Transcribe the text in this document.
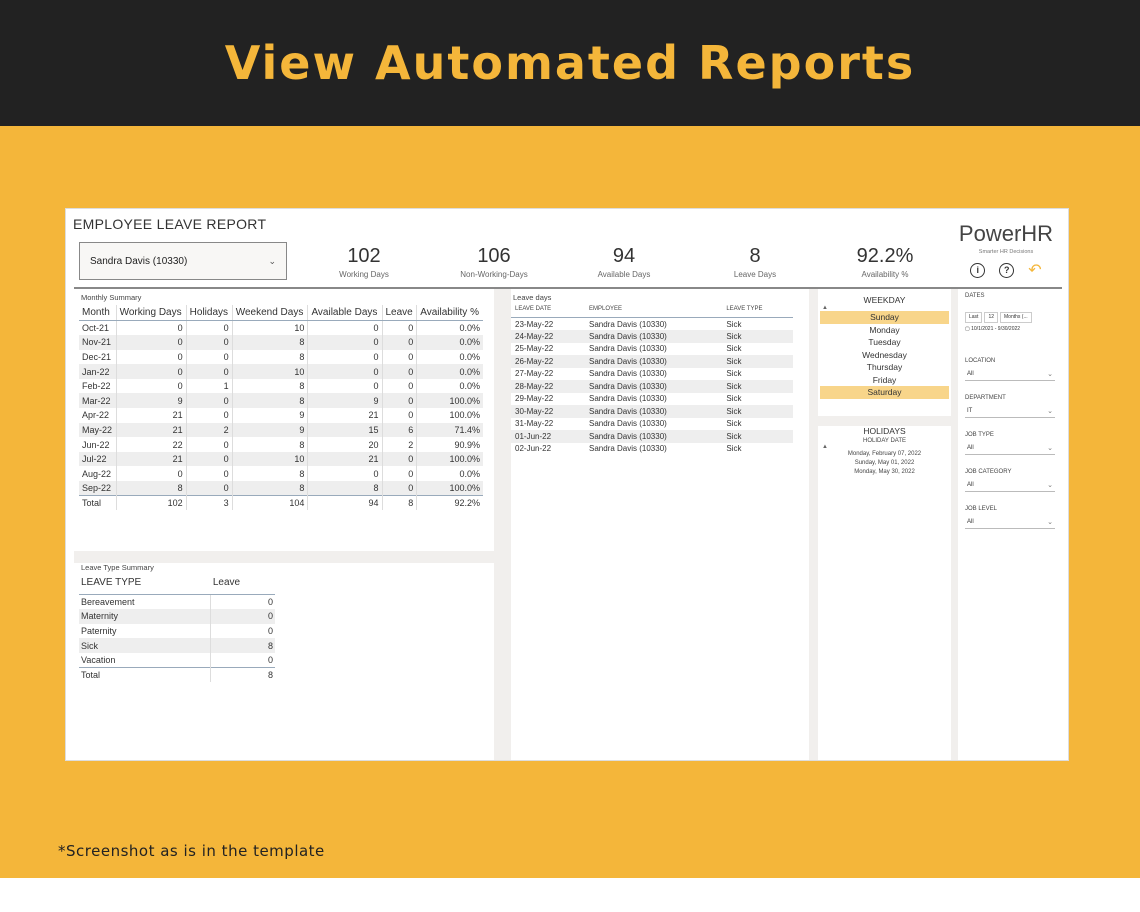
View Automated Reports
EMPLOYEE LEAVE REPORT
Sandra Davis (10330)	⌄	102
Working Days
106
Non-Working-Days
94
Available Days
8
Leave Days
92.2%
Availability %
PowerHR
Smarter HR Decisions
i	? ↶
Monthly Summary
Month	Working Days	Holidays	Weekend Days	Available Days	Leave	Availability %
Oct-21	0	0	10	0	0	0.0%
Nov-21	0	0	8	0	0	0.0%
Dec-21	0	0	8	0	0	0.0%
Jan-22	0	0	10	0	0	0.0%
Feb-22	0	1	8	0	0	0.0%
Mar-22	9	0	8	9	0	100.0%
Apr-22	21	0	9	21	0	100.0%
May-22	21	2	9	15	6	71.4%
Jun-22	22	0	8	20	2	90.9%
Jul-22	21	0	10	21	0	100.0%
Aug-22	0	0	8	0	0	0.0%
Sep-22	8	0	8	8	0	100.0%
Total	102	3	104	94	8	92.2%
Leave Type Summary
LEAVE TYPE	Leave
Bereavement	0
Maternity	0
Paternity	0
Sick	8
Vacation	0
Total	8
Leave days
LEAVE DATE	EMPLOYEE	LEAVE TYPE
23-May-22	Sandra Davis (10330)	Sick
24-May-22	Sandra Davis (10330)	Sick
25-May-22	Sandra Davis (10330)	Sick
26-May-22	Sandra Davis (10330)	Sick
27-May-22	Sandra Davis (10330)	Sick
28-May-22	Sandra Davis (10330)	Sick
29-May-22	Sandra Davis (10330)	Sick
30-May-22	Sandra Davis (10330)	Sick
31-May-22	Sandra Davis (10330)	Sick
01-Jun-22	Sandra Davis (10330)	Sick
02-Jun-22	Sandra Davis (10330)	Sick
WEEKDAY
▲
Sunday
Monday
Tuesday
Wednesday
Thursday
Friday
Saturday
HOLIDAYS
HOLIDAY DATE
▲
Monday, February 07, 2022
Sunday, May 01, 2022
Monday, May 30, 2022
DATES
Last 12 Months (...
▢ 10/1/2021 - 9/30/2022
LOCATION
All	⌄
DEPARTMENT
IT	⌄
JOB TYPE
All	⌄
JOB CATEGORY
All	⌄
JOB LEVEL
All	⌄
*Screenshot as is in the template
